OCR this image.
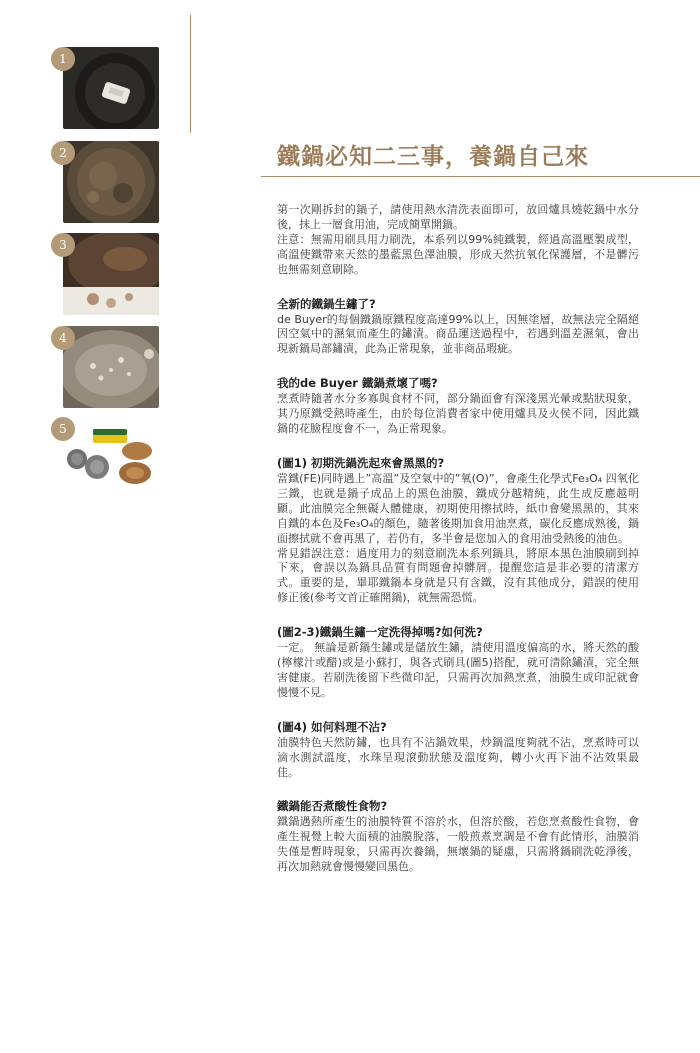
1
2
3
4
5
鐵鍋必知二三事，養鍋自己來
第一次剛拆封的鍋子，請使用熱水清洗表面即可，放回爐具燒乾鍋中水分後，抹上一層食用油，完成簡單開鍋。
注意：無需用刷具用力刷洗，本系列以99%純鐵製，經過高溫壓製成型，高溫使鐵帶來天然的墨藍黑色澤油膜，形成天然抗氧化保護層，不是髒污也無需刻意刷除。
全新的鐵鍋生鏽了?
de Buyer的每個鐵鍋原鐵程度高達99%以上，因無塗層，故無法完全隔絕因空氣中的濕氣而產生的鏽漬。商品運送過程中，若遇到溫差濕氣，會出現新鍋局部鏽漬，此為正常現象，並非商品瑕疵。
我的de Buyer 鐵鍋煮壞了嗎?
烹煮時隨著水分多寡與食材不同，部分鍋面會有深淺黑光暈或點狀現象，其乃原鐵受熱時產生，由於每位消費者家中使用爐具及火侯不同，因此鐵鍋的花臉程度會不一，為正常現象。
(圖1) 初期洗鍋洗起來會黑黑的?
當鐵(FE)同時遇上”高溫”及空氣中的”氧(O)”，會產生化學式Fe₃O₄ 四氧化三鐵，也就是鍋子成品上的黑色油膜，鐵成分越精純，此生成反應越明顯。此油膜完全無礙人體健康，初期使用擦拭時，紙巾會變黑黑的，其來自鐵的本色及Fe₃O₄的顏色，隨著後期加食用油烹煮，碳化反應成熟後，鍋面擦拭就不會再黑了，若仍有，多半會是您加入的食用油受熱後的油色。
常見錯誤注意：過度用力的刻意刷洗本系列鍋具，將原本黑色油膜刷到掉下來，會誤以為鍋具品質有問題會掉髒屑。提醒您這是非必要的清潔方式。重要的是，畢耶鐵鍋本身就是只有含鐵，沒有其他成分，錯誤的使用修正後(參考文首正確開鍋)，就無需恐慌。
(圖2-3)鐵鍋生鏽一定洗得掉嗎?如何洗?
一定。 無論是新鍋生鏽或是儲放生鏽，請使用溫度偏高的水，將天然的酸 (檸檬汁或醋)或是小蘇打，與各式刷具(圖5)搭配，就可清除鏽漬，完全無害健康。若刷洗後留下些微印記，只需再次加熱烹煮，油膜生成印記就會慢慢不見。
(圖4) 如何料理不沾?
油膜特色天然防鏽，也具有不沾鍋效果，炒鍋溫度夠就不沾，烹煮時可以滴水測試溫度，水珠呈現滾動狀態及溫度夠，轉小火再下油不沾效果最佳。
鐵鍋能否煮酸性食物?
鐵鍋遇熱所產生的油膜特質不溶於水，但溶於酸，若您烹煮酸性食物，會產生視覺上較大面積的油膜脫落，一般煎煮烹調是不會有此情形，油膜消失僅是暫時現象，只需再次養鍋，無壞鍋的疑慮，只需將鍋刷洗乾淨後，再次加熱就會慢慢變回黑色。
